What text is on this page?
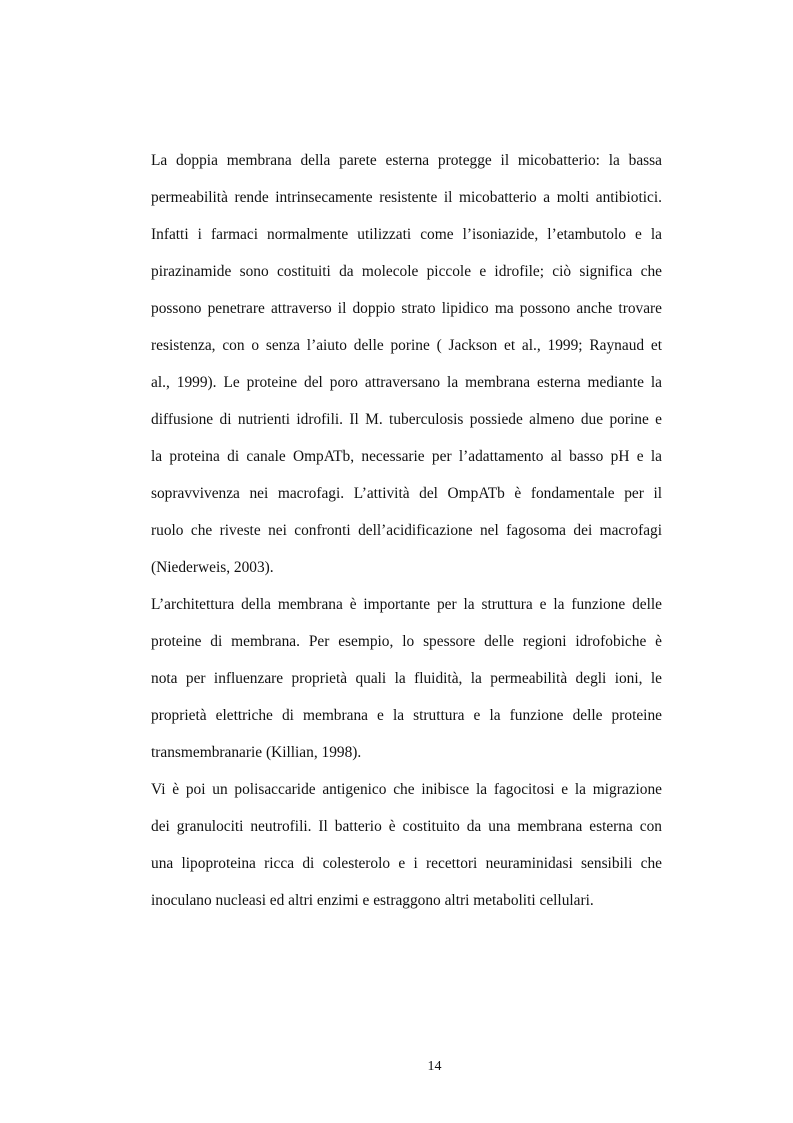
La doppia membrana della parete esterna protegge il micobatterio: la bassa
permeabilità rende intrinsecamente resistente il micobatterio a molti antibiotici.
Infatti i farmaci normalmente utilizzati come l’isoniazide, l’etambutolo e la
pirazinamide sono costituiti da molecole piccole e idrofile; ciò significa che
possono penetrare attraverso il doppio strato lipidico ma possono anche trovare
resistenza, con o senza l’aiuto delle porine ( Jackson et al., 1999; Raynaud et
al., 1999). Le proteine del poro attraversano la membrana esterna mediante la
diffusione di nutrienti idrofili. Il M. tuberculosis possiede almeno due porine e
la proteina di canale OmpATb, necessarie per l’adattamento al basso pH e la
sopravvivenza nei macrofagi. L’attività del OmpATb è fondamentale per il
ruolo che riveste nei confronti dell’acidificazione nel fagosoma dei macrofagi
(Niederweis, 2003).
L’architettura della membrana è importante per la struttura e la funzione delle
proteine di membrana. Per esempio, lo spessore delle regioni idrofobiche è
nota per influenzare proprietà quali la fluidità, la permeabilità degli ioni, le
proprietà elettriche di membrana e la struttura e la funzione delle proteine
transmembranarie (Killian, 1998).
Vi è poi un polisaccaride antigenico che inibisce la fagocitosi e la migrazione
dei granulociti neutrofili. Il batterio è costituito da una membrana esterna con
una lipoproteina ricca di colesterolo e i recettori neuraminidasi sensibili che
inoculano nucleasi ed altri enzimi e estraggono altri metaboliti cellulari.
14
